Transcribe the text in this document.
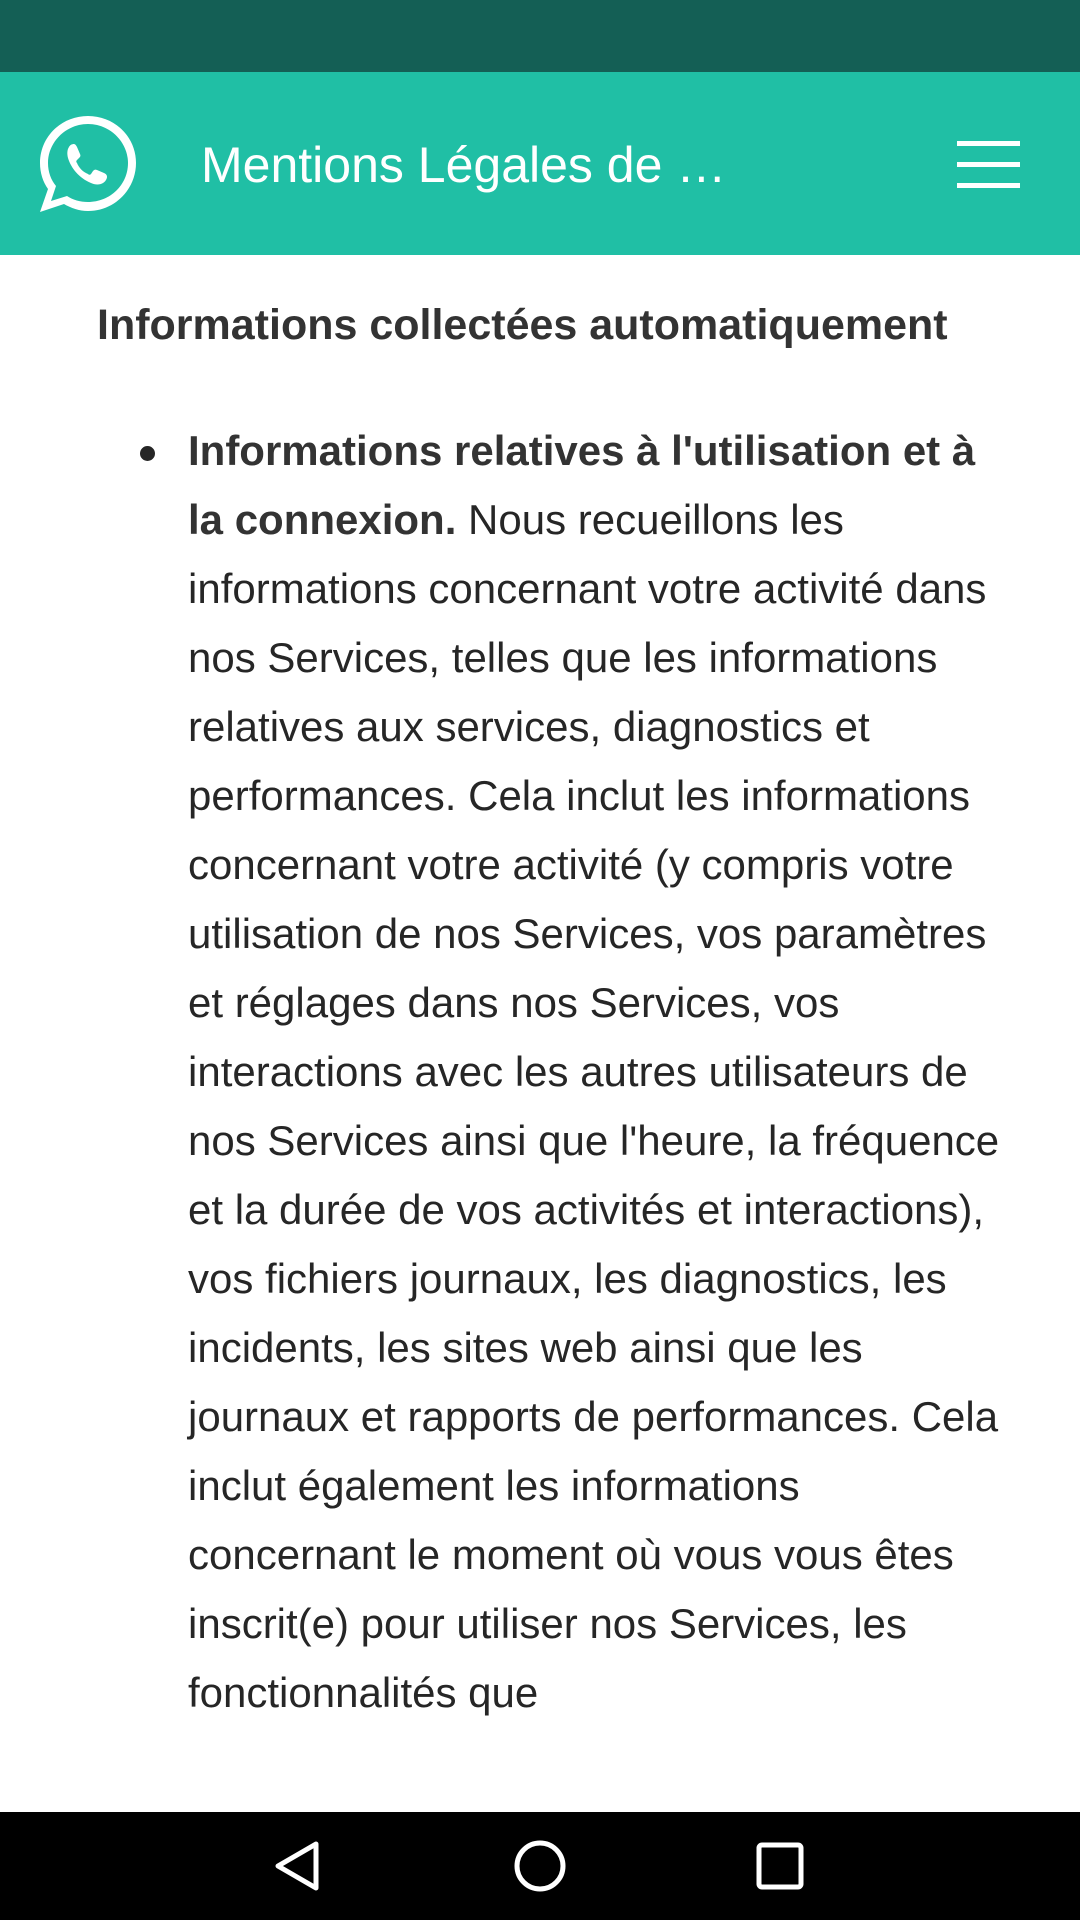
Mentions Légales de …
Informations collectées automatiquement

Informations relatives à l'utilisation et à la connexion. Nous recueillons les informations concernant votre activité dans nos Services, telles que les informations relatives aux services, diagnostics et performances. Cela inclut les informations concernant votre activité (y compris votre utilisation de nos Services, vos paramètres et réglages dans nos Services, vos interactions avec les autres utilisateurs de nos Services ainsi que l'heure, la fréquence et la durée de vos activités et interactions), vos fichiers journaux, les diagnostics, les incidents, les sites web ainsi que les journaux et rapports de performances. Cela inclut également les informations concernant le moment où vous vous êtes inscrit(e) pour utiliser nos Services, les fonctionnalités que
